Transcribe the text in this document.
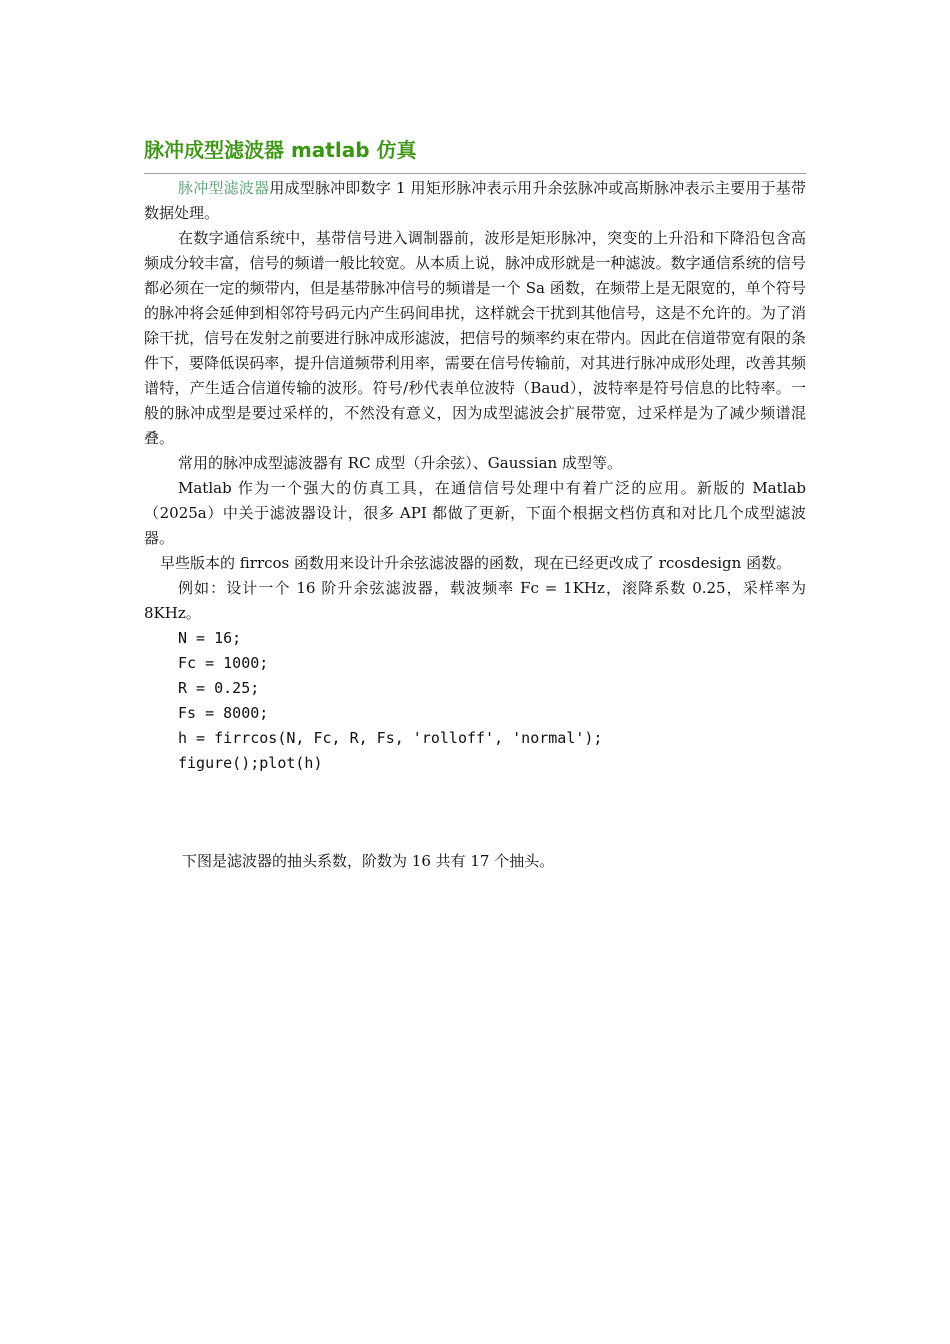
脉冲成型滤波器 matlab 仿真

脉冲型滤波器用成型脉冲即数字 1 用矩形脉冲表示用升余弦脉冲或高斯脉冲表示主要用于基带数据处理。

在数字通信系统中，基带信号进入调制器前，波形是矩形脉冲，突变的上升沿和下降沿包含高频成分较丰富，信号的频谱一般比较宽。从本质上说，脉冲成形就是一种滤波。数字通信系统的信号都必须在一定的频带内，但是基带脉冲信号的频谱是一个 Sa 函数，在频带上是无限宽的，单个符号的脉冲将会延伸到相邻符号码元内产生码间串扰，这样就会干扰到其他信号，这是不允许的。为了消除干扰，信号在发射之前要进行脉冲成形滤波，把信号的频率约束在带内。因此在信道带宽有限的条件下，要降低误码率，提升信道频带利用率，需要在信号传输前，对其进行脉冲成形处理，改善其频谱特，产生适合信道传输的波形。符号/秒代表单位波特（Baud），波特率是符号信息的比特率。一般的脉冲成型是要过采样的，不然没有意义，因为成型滤波会扩展带宽，过采样是为了减少频谱混叠。

常用的脉冲成型滤波器有 RC 成型（升余弦）、Gaussian 成型等。

Matlab 作为一个强大的仿真工具，在通信信号处理中有着广泛的应用。新版的 Matlab（2025a）中关于滤波器设计，很多 API 都做了更新，下面个根据文档仿真和对比几个成型滤波器。

早些版本的 firrcos 函数用来设计升余弦滤波器的函数，现在已经更改成了 rcosdesign 函数。

例如：设计一个 16 阶升余弦滤波器，载波频率 Fc = 1KHz，滚降系数 0.25，采样率为 8KHz。

N = 16;
Fc = 1000;
R = 0.25;
Fs = 8000;
h = firrcos(N, Fc, R, Fs, 'rolloff', 'normal');
figure();plot(h)
下图是滤波器的抽头系数，阶数为 16 共有 17 个抽头。
